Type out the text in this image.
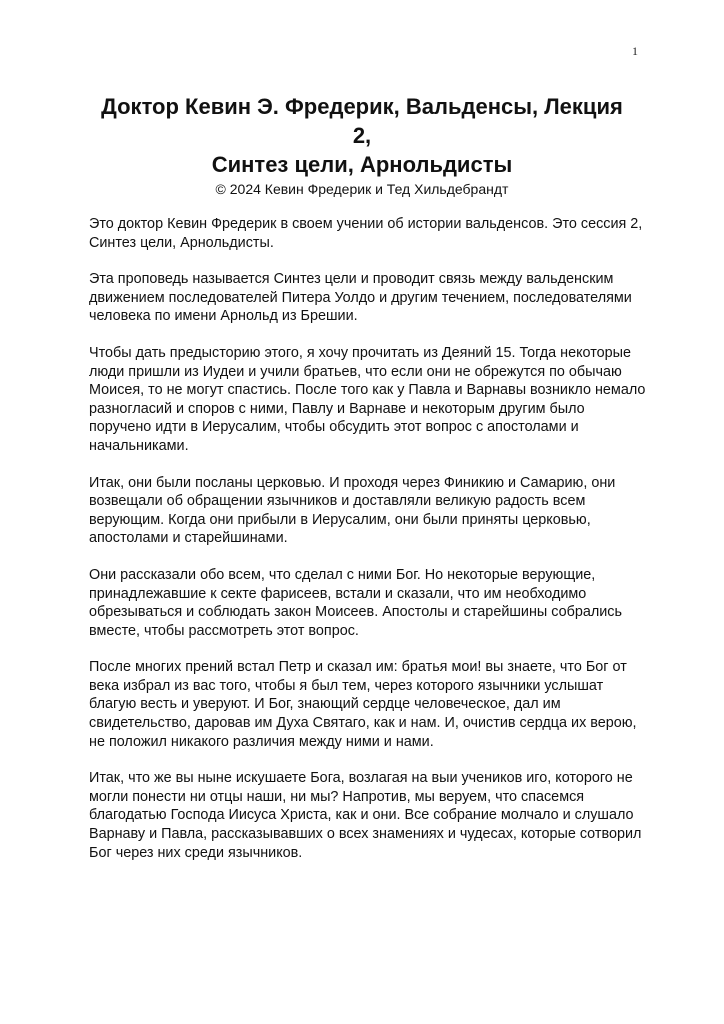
1
Доктор Кевин Э. Фредерик, Вальденсы, Лекция
2,
Синтез цели, Арнольдисты
© 2024 Кевин Фредерик и Тед Хильдебрандт

Это доктор Кевин Фредерик в своем учении об истории вальденсов. Это сессия 2, Синтез цели, Арнольдисты.

Эта проповедь называется Синтез цели и проводит связь между вальденским движением последователей Питера Уолдо и другим течением, последователями человека по имени Арнольд из Брешии.

Чтобы дать предысторию этого, я хочу прочитать из Деяний 15. Тогда некоторые люди пришли из Иудеи и учили братьев, что если они не обрежутся по обычаю Моисея, то не могут спастись. После того как у Павла и Варнавы возникло немало разногласий и споров с ними, Павлу и Варнаве и некоторым другим было поручено идти в Иерусалим, чтобы обсудить этот вопрос с апостолами и начальниками.

Итак, они были посланы церковью. И проходя через Финикию и Самарию, они возвещали об обращении язычников и доставляли великую радость всем верующим. Когда они прибыли в Иерусалим, они были приняты церковью, апостолами и старейшинами.

Они рассказали обо всем, что сделал с ними Бог. Но некоторые верующие, принадлежавшие к секте фарисеев, встали и сказали, что им необходимо обрезываться и соблюдать закон Моисеев. Апостолы и старейшины собрались вместе, чтобы рассмотреть этот вопрос.

После многих прений встал Петр и сказал им: братья мои! вы знаете, что Бог от века избрал из вас того, чтобы я был тем, через которого язычники услышат благую весть и уверуют. И Бог, знающий сердце человеческое, дал им свидетельство, даровав им Духа Святаго, как и нам. И, очистив сердца их верою, не положил никакого различия между ними и нами.

Итак, что же вы ныне искушаете Бога, возлагая на выи учеников иго, которого не могли понести ни отцы наши, ни мы? Напротив, мы веруем, что спасемся благодатью Господа Иисуса Христа, как и они. Все собрание молчало и слушало Варнаву и Павла, рассказывавших о всех знамениях и чудесах, которые сотворил Бог через них среди язычников.
